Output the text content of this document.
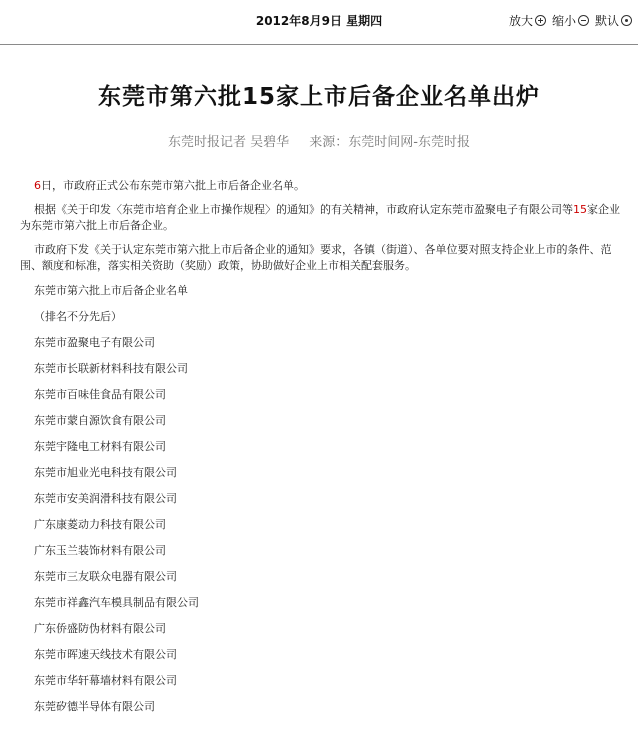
2012年8月9日 星期四	放大 缩小 默认
东莞市第六批15家上市后备企业名单出炉
东莞时报记者 吴碧华 来源：东莞时间网-东莞时报

6日，市政府正式公布东莞市第六批上市后备企业名单。

根据《关于印发〈东莞市培育企业上市操作规程〉的通知》的有关精神，市政府认定东莞市盈聚电子有限公司等15家企业为东莞市第六批上市后备企业。

市政府下发《关于认定东莞市第六批上市后备企业的通知》要求，各镇（街道）、各单位要对照支持企业上市的条件、范围、额度和标准，落实相关资助（奖励）政策，协助做好企业上市相关配套服务。

东莞市第六批上市后备企业名单
（排名不分先后）
东莞市盈聚电子有限公司
东莞市长联新材料科技有限公司
东莞市百味佳食品有限公司
东莞市蒙自源饮食有限公司
东莞宇隆电工材料有限公司
东莞市旭业光电科技有限公司
东莞市安美润滑科技有限公司
广东康菱动力科技有限公司
广东玉兰装饰材料有限公司
东莞市三友联众电器有限公司
东莞市祥鑫汽车模具制品有限公司
广东侨盛防伪材料有限公司
东莞市晖速天线技术有限公司
东莞市华轩幕墙材料有限公司
东莞矽德半导体有限公司
